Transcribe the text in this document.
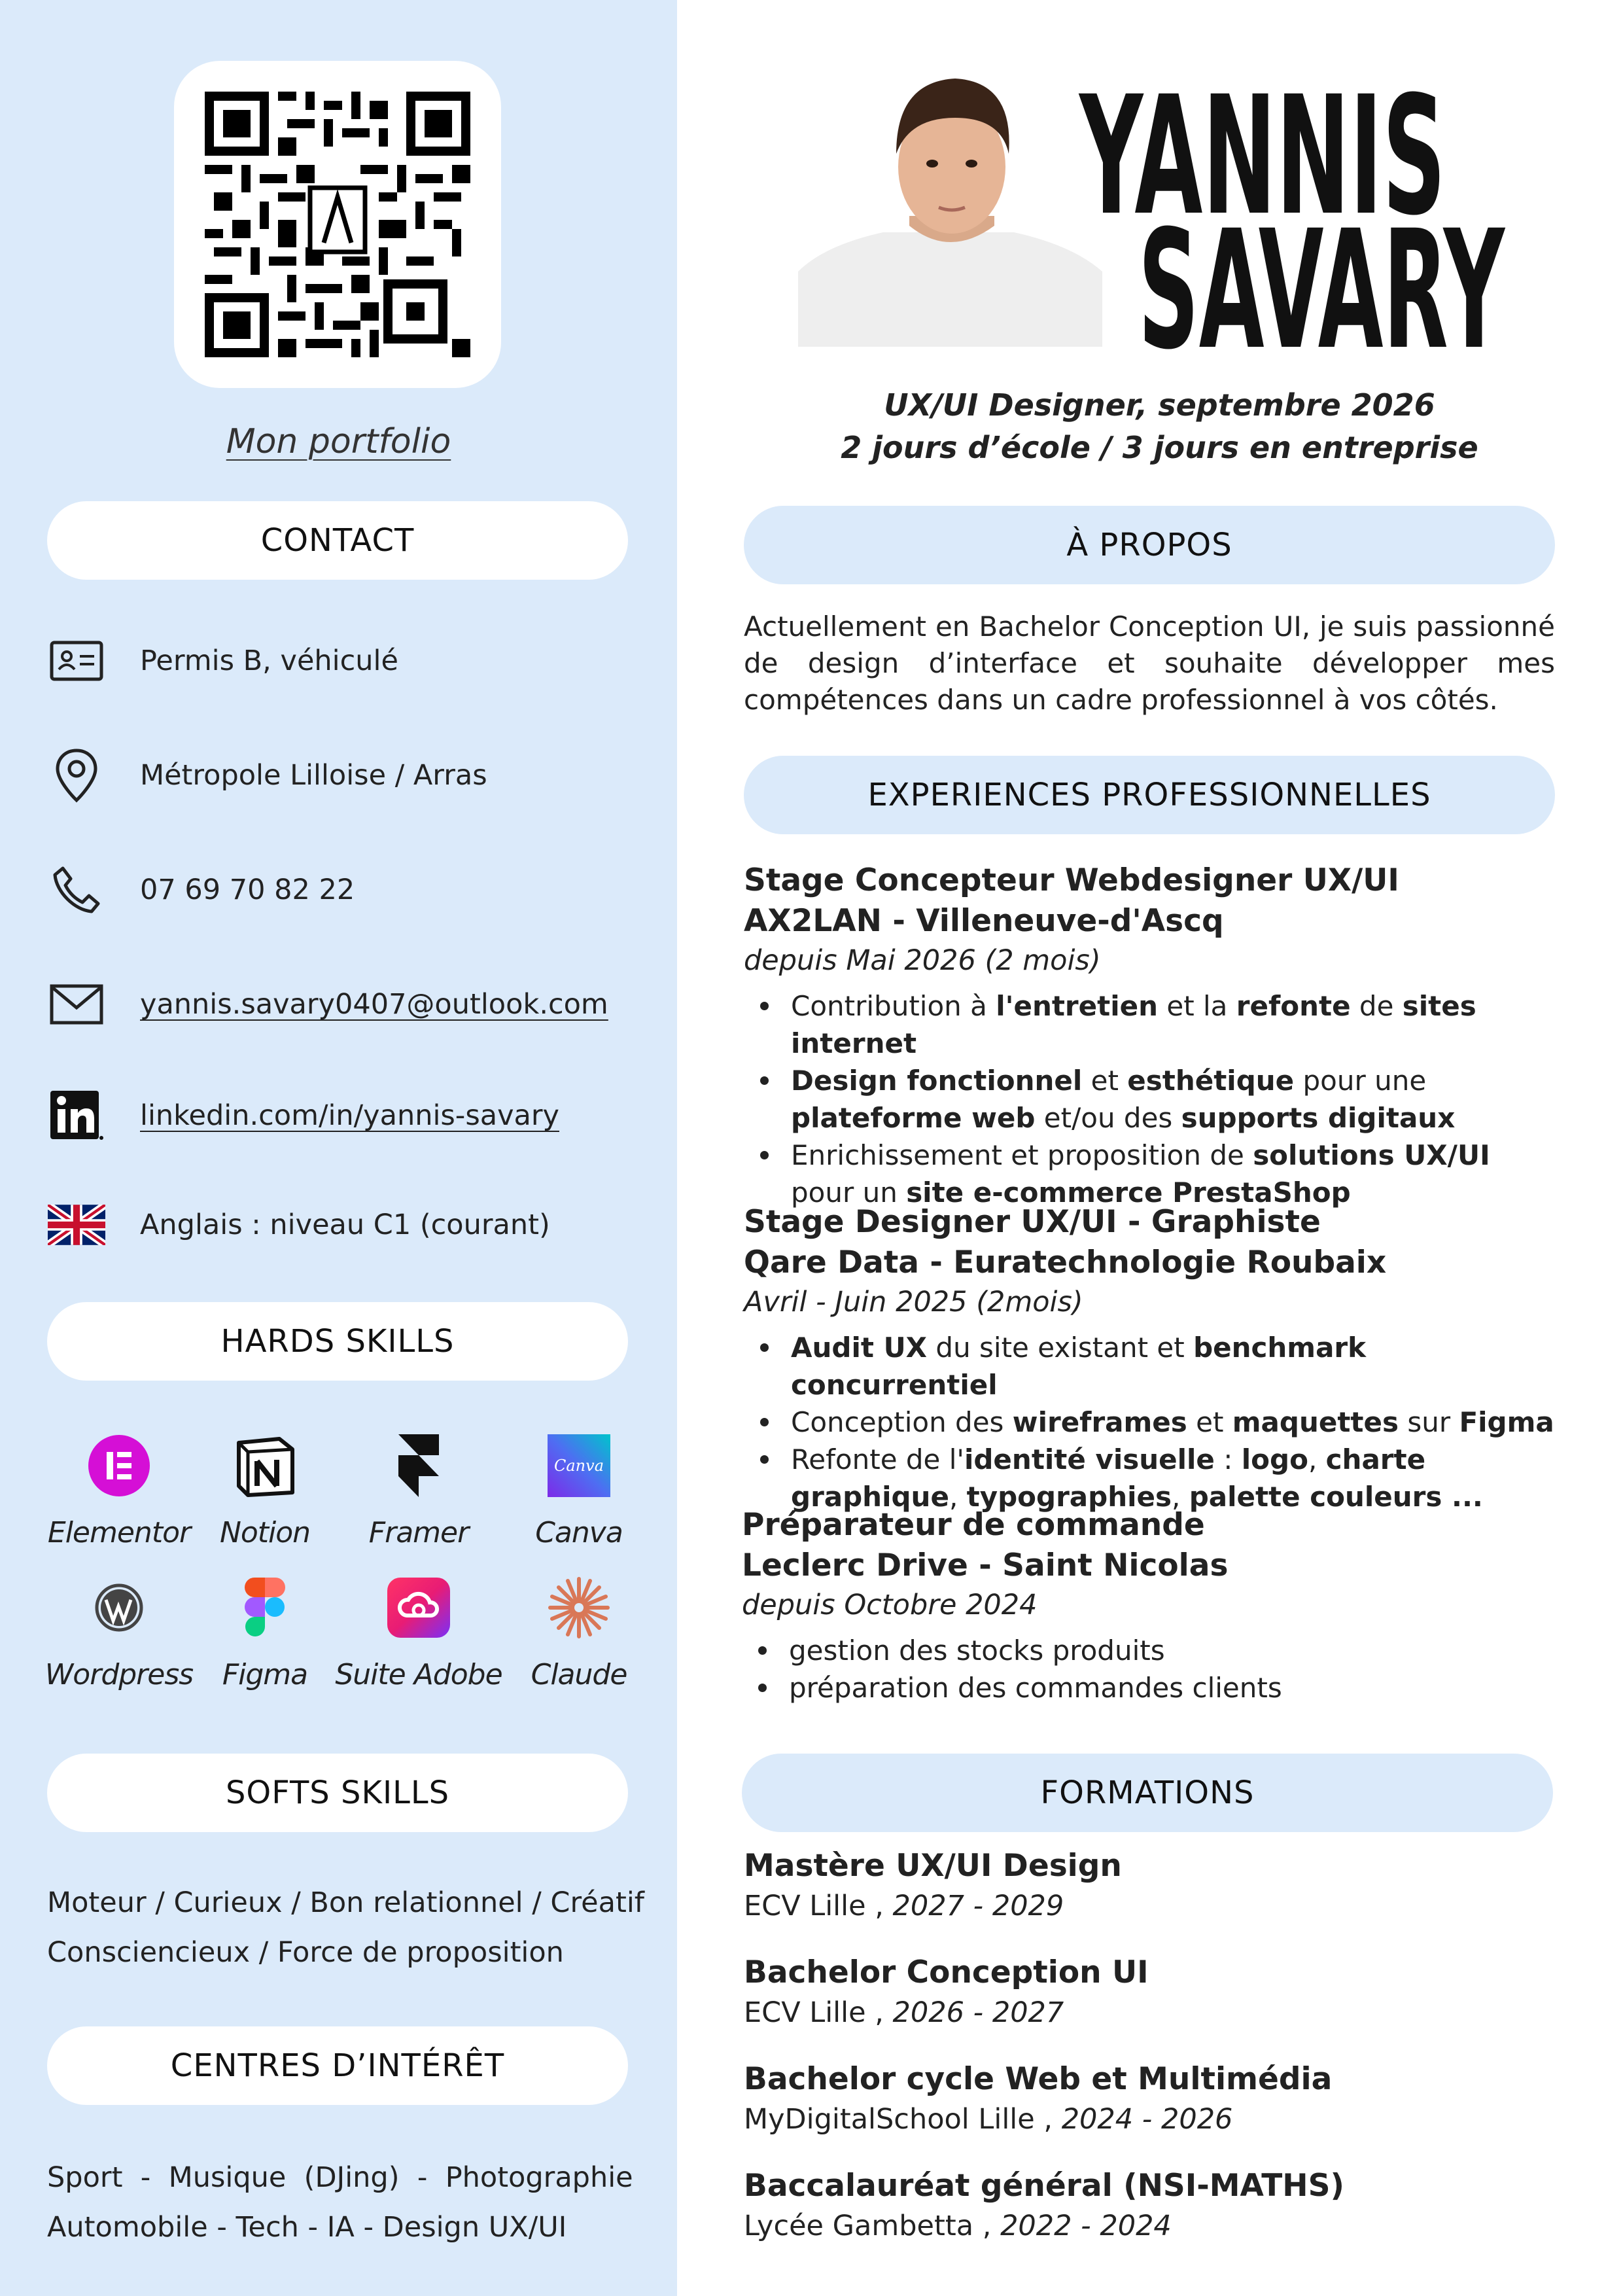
Mon portfolio
CONTACT
Permis B, véhiculé
Métropole Lilloise / Arras
07 69 70 82 22
yannis.savary0407@outlook.com
linkedin.com/in/yannis-savary
Anglais : niveau C1 (courant)
HARDS SKILLS
Elementor Notion Framer
Canva
Canva
Wordpress Figma Suite Adobe Claude
SOFTS SKILLS
Moteur / Curieux / Bon relationnel / Créatif
Consciencieux / Force de proposition
CENTRES D’INTÉRÊT
Sport  -  Musique  (DJing)  -  Photographie
Automobile - Tech - IA - Design UX/UI
YANNIS
SAVARY
UX/UI Designer, septembre 2026
2 jours d’école / 3 jours en entreprise
À PROPOS
Actuellement en Bachelor Conception UI, je suis passionné de design d’interface et souhaite développer mes compétences dans un cadre professionnel à vos côtés.
EXPERIENCES PROFESSIONNELLES
Stage Concepteur Webdesigner UX/UI
AX2LAN - Villeneuve-d'Ascq
depuis Mai 2026 (2 mois)
Contribution à l'entretien et la refonte de sites internet
Design fonctionnel et esthétique pour une plateforme web et/ou des supports digitaux
Enrichissement et proposition de solutions UX/UI pour un site e-commerce PrestaShop
Stage Designer UX/UI - Graphiste
Qare Data - Euratechnologie Roubaix
Avril - Juin 2025 (2mois)
Audit UX du site existant et benchmark concurrentiel
Conception des wireframes et maquettes sur Figma
Refonte de l'identité visuelle : logo, charte graphique, typographies, palette couleurs ...
Préparateur de commande
Leclerc Drive - Saint Nicolas
depuis Octobre 2024
gestion des stocks produits
préparation des commandes clients
FORMATIONS
Mastère UX/UI Design
ECV Lille , 2027 - 2029
Bachelor Conception UI
ECV Lille , 2026 - 2027
Bachelor cycle Web et Multimédia
MyDigitalSchool Lille , 2024 - 2026
Baccalauréat général (NSI-MATHS)
Lycée Gambetta , 2022 - 2024
